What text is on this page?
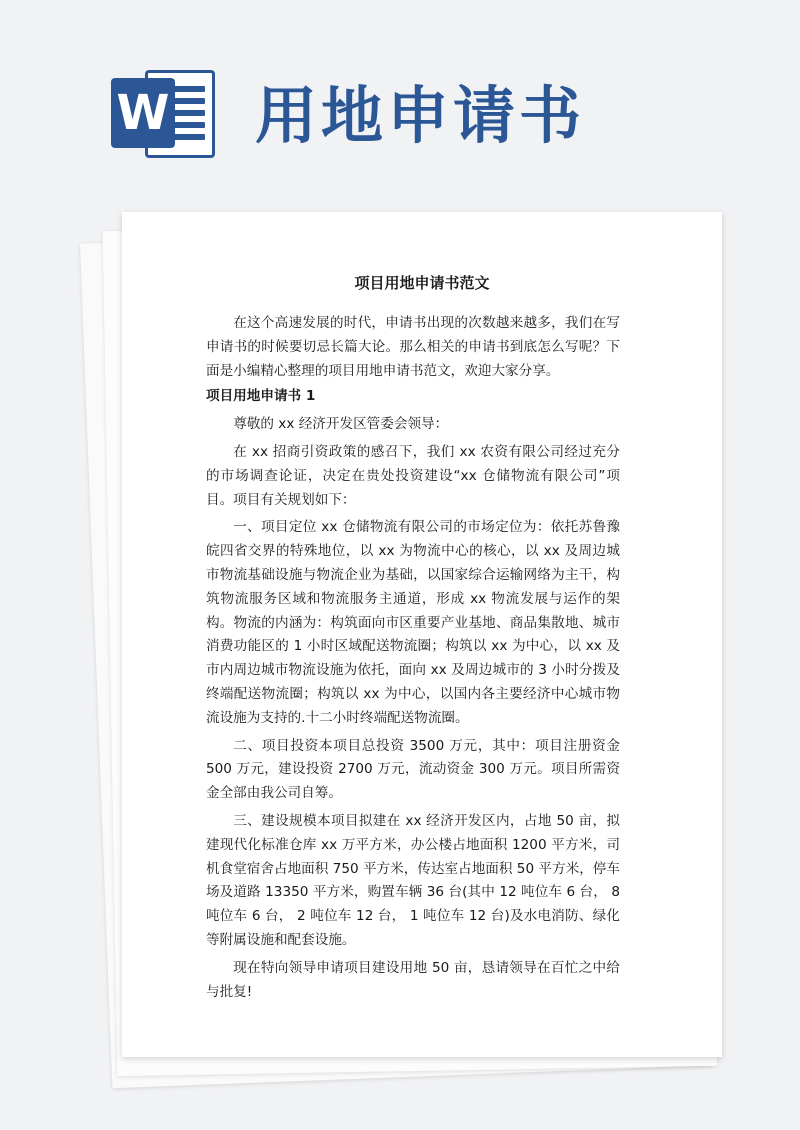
W 用地申请书
项目用地申请书范文

在这个高速发展的时代，申请书出现的次数越来越多，我们在写申请书的时候要切忌长篇大论。那么相关的申请书到底怎么写呢？下面是小编精心整理的项目用地申请书范文，欢迎大家分享。

项目用地申请书 1

尊敬的 xx 经济开发区管委会领导：

在 xx 招商引资政策的感召下，我们 xx 农资有限公司经过充分的市场调查论证，决定在贵处投资建设“xx 仓储物流有限公司”项目。项目有关规划如下：

一、项目定位 xx 仓储物流有限公司的市场定位为：依托苏鲁豫皖四省交界的特殊地位，以 xx 为物流中心的核心，以 xx 及周边城市物流基础设施与物流企业为基础，以国家综合运输网络为主干，构筑物流服务区域和物流服务主通道，形成 xx 物流发展与运作的架构。物流的内涵为：构筑面向市区重要产业基地、商品集散地、城市消费功能区的 1 小时区域配送物流圈；构筑以 xx 为中心，以 xx 及市内周边城市物流设施为依托，面向 xx 及周边城市的 3 小时分拨及终端配送物流圈；构筑以 xx 为中心，以国内各主要经济中心城市物流设施为支持的.十二小时终端配送物流圈。

二、项目投资本项目总投资 3500 万元，其中：项目注册资金 500 万元，建设投资 2700 万元，流动资金 300 万元。项目所需资金全部由我公司自筹。

三、建设规模本项目拟建在 xx 经济开发区内，占地 50 亩，拟建现代化标准仓库 xx 万平方米，办公楼占地面积 1200 平方米，司机食堂宿舍占地面积 750 平方米，传达室占地面积 50 平方米，停车场及道路 13350 平方米，购置车辆 36 台(其中 12 吨位车 6 台， 8 吨位车 6 台， 2 吨位车 12 台， 1 吨位车 12 台)及水电消防、绿化等附属设施和配套设施。

现在特向领导申请项目建设用地 50 亩，恳请领导在百忙之中给与批复!
